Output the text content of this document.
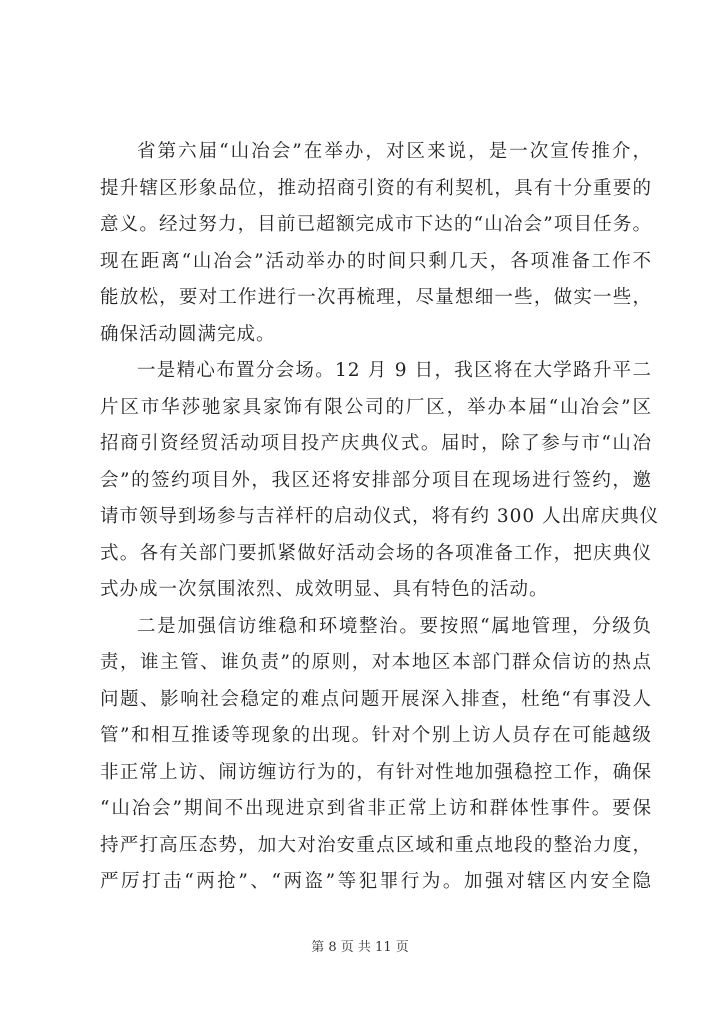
省第六届“山冶会”在举办，对区来说，是一次宣传推介，
提升辖区形象品位，推动招商引资的有利契机，具有十分重要的
意义。经过努力，目前已超额完成市下达的“山冶会”项目任务。
现在距离“山冶会”活动举办的时间只剩几天，各项准备工作不
能放松，要对工作进行一次再梳理，尽量想细一些，做实一些，
确保活动圆满完成。
一是精心布置分会场。12 月 9 日，我区将在大学路升平二
片区市华莎驰家具家饰有限公司的厂区，举办本届“山冶会”区
招商引资经贸活动项目投产庆典仪式。届时，除了参与市“山冶
会”的签约项目外，我区还将安排部分项目在现场进行签约，邀
请市领导到场参与吉祥杆的启动仪式，将有约 300 人出席庆典仪
式。各有关部门要抓紧做好活动会场的各项准备工作，把庆典仪
式办成一次氛围浓烈、成效明显、具有特色的活动。
二是加强信访维稳和环境整治。要按照“属地管理，分级负
责，谁主管、谁负责”的原则，对本地区本部门群众信访的热点
问题、影响社会稳定的难点问题开展深入排查，杜绝“有事没人
管”和相互推诿等现象的出现。针对个别上访人员存在可能越级
非正常上访、闹访缠访行为的，有针对性地加强稳控工作，确保
“山冶会”期间不出现进京到省非正常上访和群体性事件。要保
持严打高压态势，加大对治安重点区域和重点地段的整治力度，
严厉打击“两抢”、“两盗”等犯罪行为。加强对辖区内安全隐
第 8 页 共 11 页
